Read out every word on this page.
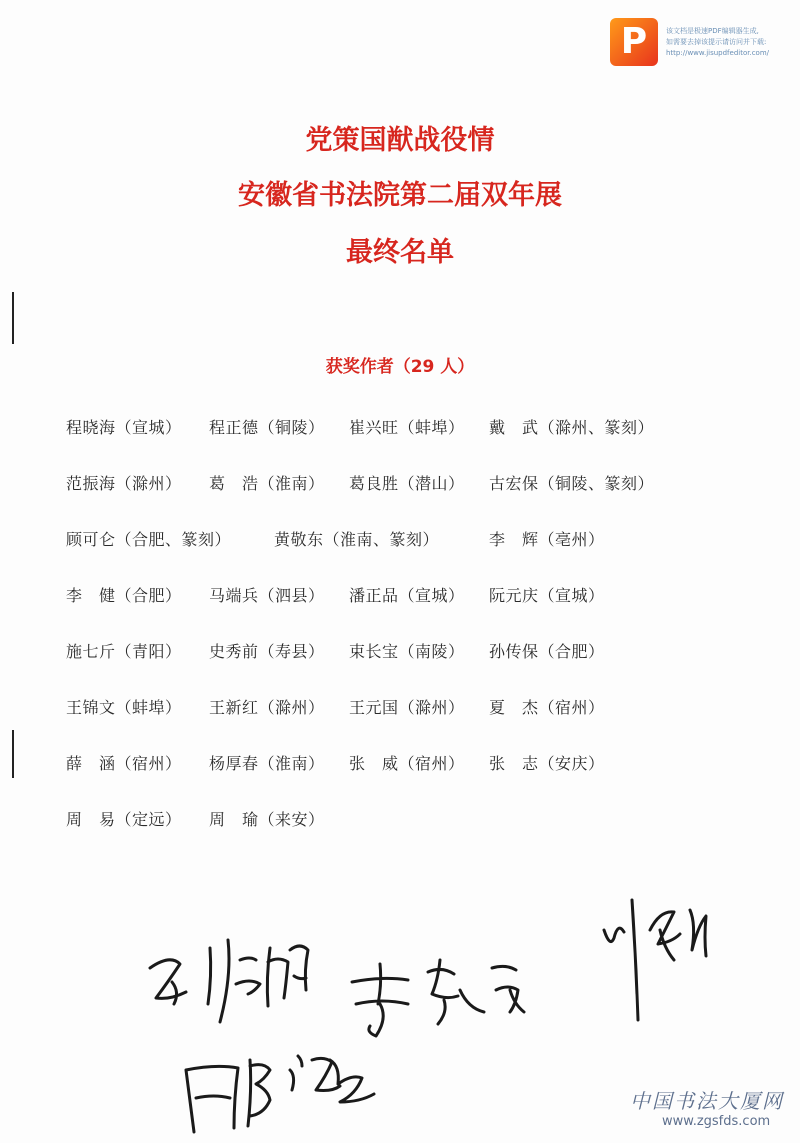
P	该文档是极速PDF编辑器生成,
如需要去掉该提示请访问并下载:
http://www.jisupdfeditor.com/
党策国猷战役情
安徽省书法院第二届双年展
最终名单
获奖作者（29 人）
程晓海（宣城） 程正德（铜陵） 崔兴旺（蚌埠） 戴　武（滁州、篆刻）
范振海（滁州） 葛　浩（淮南） 葛良胜（潜山） 古宏保（铜陵、篆刻）
顾可仑（合肥、篆刻）	黄敬东（淮南、篆刻）	李　辉（亳州）
李　健（合肥） 马端兵（泗县） 潘正品（宣城） 阮元庆（宣城）
施七斤（青阳） 史秀前（寿县） 束长宝（南陵） 孙传保（合肥）
王锦文（蚌埠） 王新红（滁州） 王元国（滁州） 夏　杰（宿州）
薛　涵（宿州） 杨厚春（淮南） 张　威（宿州） 张　志（安庆）
周　易（定远） 周　瑜（来安）
中国书法大厦网
www.zgsfds.com
